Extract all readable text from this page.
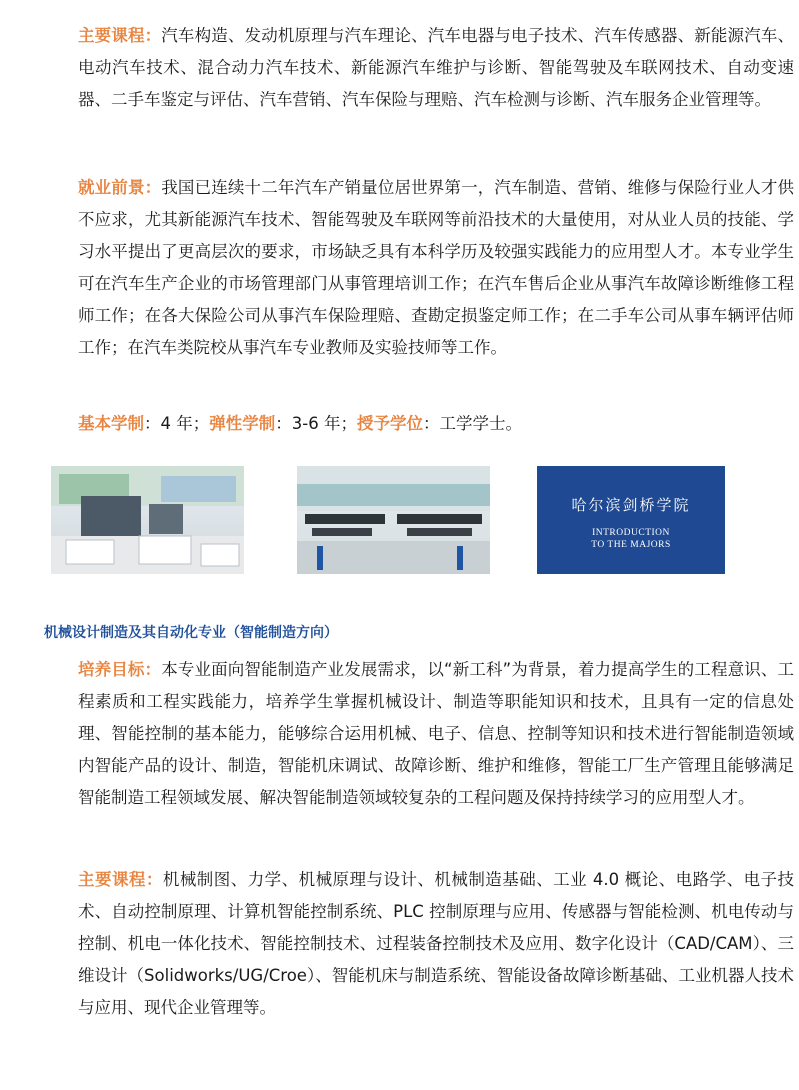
主要课程：汽车构造、发动机原理与汽车理论、汽车电器与电子技术、汽车传感器、新能源汽车、电动汽车技术、混合动力汽车技术、新能源汽车维护与诊断、智能驾驶及车联网技术、自动变速器、二手车鉴定与评估、汽车营销、汽车保险与理赔、汽车检测与诊断、汽车服务企业管理等。
就业前景：我国已连续十二年汽车产销量位居世界第一，汽车制造、营销、维修与保险行业人才供不应求，尤其新能源汽车技术、智能驾驶及车联网等前沿技术的大量使用，对从业人员的技能、学习水平提出了更高层次的要求，市场缺乏具有本科学历及较强实践能力的应用型人才。本专业学生可在汽车生产企业的市场管理部门从事管理培训工作；在汽车售后企业从事汽车故障诊断维修工程师工作；在各大保险公司从事汽车保险理赔、查勘定损鉴定师工作；在二手车公司从事车辆评估师工作；在汽车类院校从事汽车专业教师及实验技师等工作。
基本学制：4 年；弹性学制：3-6 年；授予学位：工学学士。
哈尔滨剑桥学院
INTRODUCTION
TO THE MAJORS
机械设计制造及其自动化专业（智能制造方向）
培养目标：本专业面向智能制造产业发展需求，以“新工科”为背景，着力提高学生的工程意识、工程素质和工程实践能力，培养学生掌握机械设计、制造等职能知识和技术，且具有一定的信息处理、智能控制的基本能力，能够综合运用机械、电子、信息、控制等知识和技术进行智能制造领域内智能产品的设计、制造，智能机床调试、故障诊断、维护和维修，智能工厂生产管理且能够满足智能制造工程领域发展、解决智能制造领域较复杂的工程问题及保持持续学习的应用型人才。
主要课程：机械制图、力学、机械原理与设计、机械制造基础、工业 4.0 概论、电路学、电子技术、自动控制原理、计算机智能控制系统、PLC 控制原理与应用、传感器与智能检测、机电传动与控制、机电一体化技术、智能控制技术、过程装备控制技术及应用、数字化设计（CAD/CAM）、三维设计（Solidworks/UG/Croe）、智能机床与制造系统、智能设备故障诊断基础、工业机器人技术与应用、现代企业管理等。
